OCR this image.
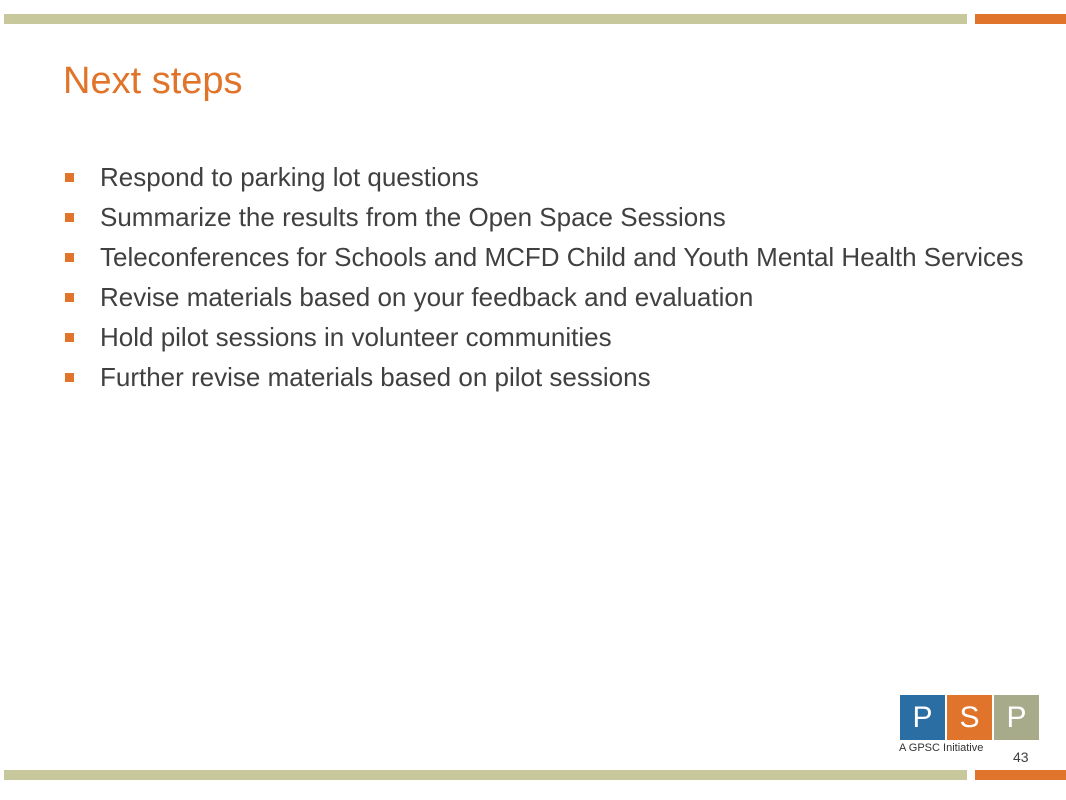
Next steps
Respond to parking lot questions
Summarize the results from the Open Space Sessions
Teleconferences for Schools and MCFD Child and Youth Mental Health Services
Revise materials based on your feedback and evaluation
Hold pilot sessions in volunteer communities
Further revise materials based on pilot sessions
P S P
A GPSC Initiative
43
